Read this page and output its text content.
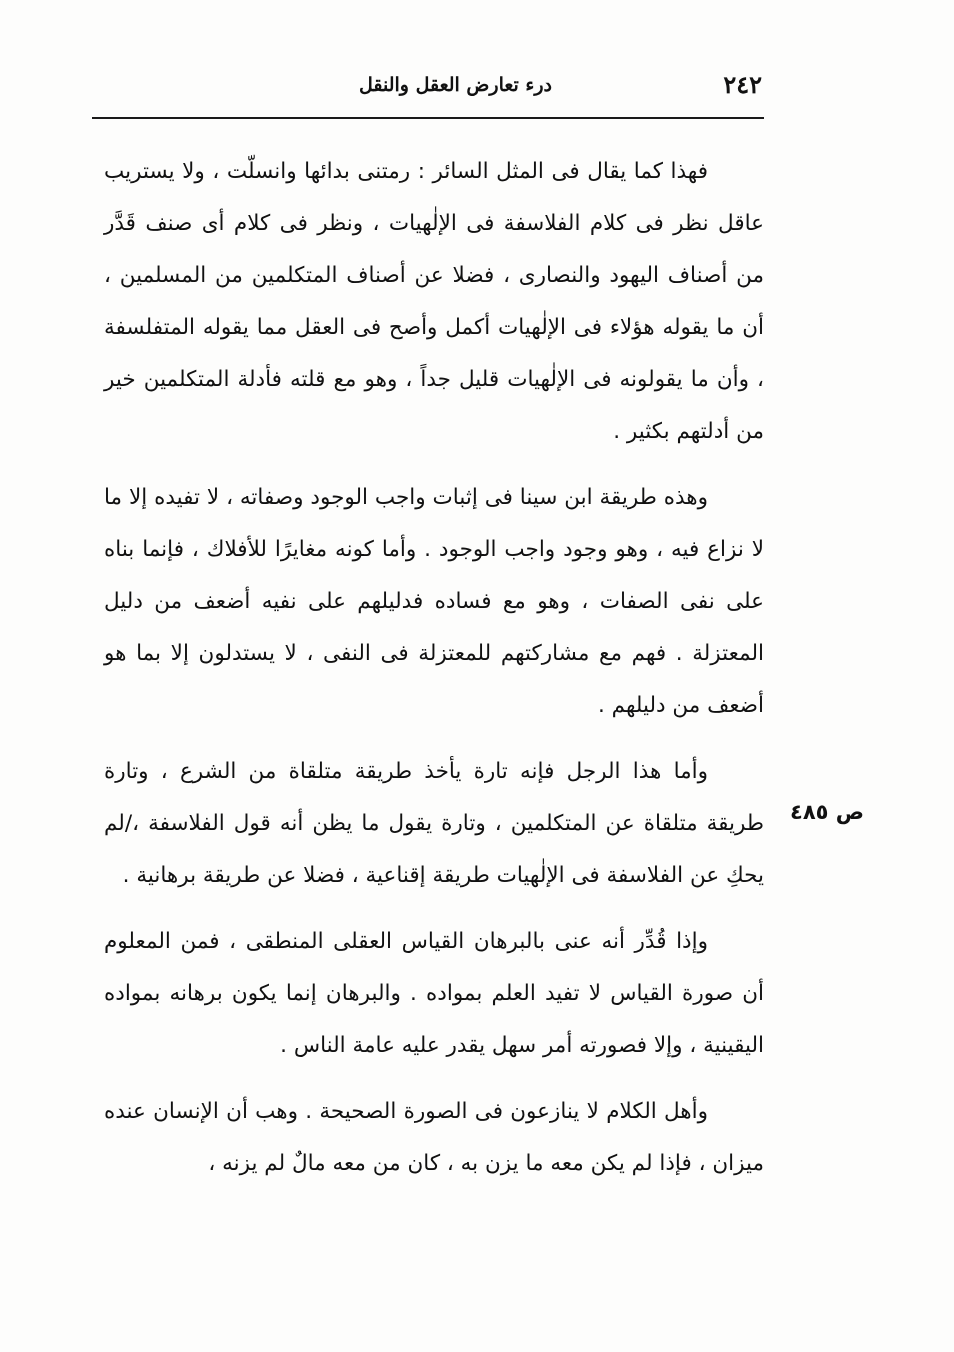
٢٤٢
درء تعارض العقل والنقل
ص ٤٨٥

فهذا كما يقال فى المثل السائر : رمتنى بدائها وانسلّت ، ولا يستريب عاقل نظر فى كلام الفلاسفة فى الإلٰهيات ، ونظر فى كلام أى صنف قَدَّر من أصناف اليهود والنصارى ، فضلا عن أصناف المتكلمين من المسلمين ، أن ما يقوله هؤلاء فى الإلٰهيات أكمل وأصح فى العقل مما يقوله المتفلسفة ، وأن ما يقولونه فى الإلٰهيات قليل جداً ، وهو مع قلته فأدلة المتكلمين خير من أدلتهم بكثير .

وهذه طريقة ابن سينا فى إثبات واجب الوجود وصفاته ، لا تفيده إلا ما لا نزاع فيه ، وهو وجود واجب الوجود . وأما كونه مغايرًا للأفلاك ، فإنما بناه على نفى الصفات ، وهو مع فساده فدليلهم على نفيه أضعف من دليل المعتزلة . فهم مع مشاركتهم للمعتزلة فى النفى ، لا يستدلون إلا بما هو أضعف من دليلهم .

وأما هذا الرجل فإنه تارة يأخذ طريقة متلقاة من الشرع ، وتارة طريقة متلقاة عن المتكلمين ، وتارة يقول ما يظن أنه قول الفلاسفة ،/لم يحكِ عن الفلاسفة فى الإلٰهيات طريقة إقناعية ، فضلا عن طريقة برهانية .

وإذا قُدِّر أنه عنى بالبرهان القياس العقلى المنطقى ، فمن المعلوم أن صورة القياس لا تفيد العلم بمواده . والبرهان إنما يكون برهانه بمواده اليقينية ، وإلا فصورته أمر سهل يقدر عليه عامة الناس .

وأهل الكلام لا ينازعون فى الصورة الصحيحة . وهب أن الإنسان عنده ميزان ، فإذا لم يكن معه ما يزن به ، كان من معه مالٌ لم يزنه ،
